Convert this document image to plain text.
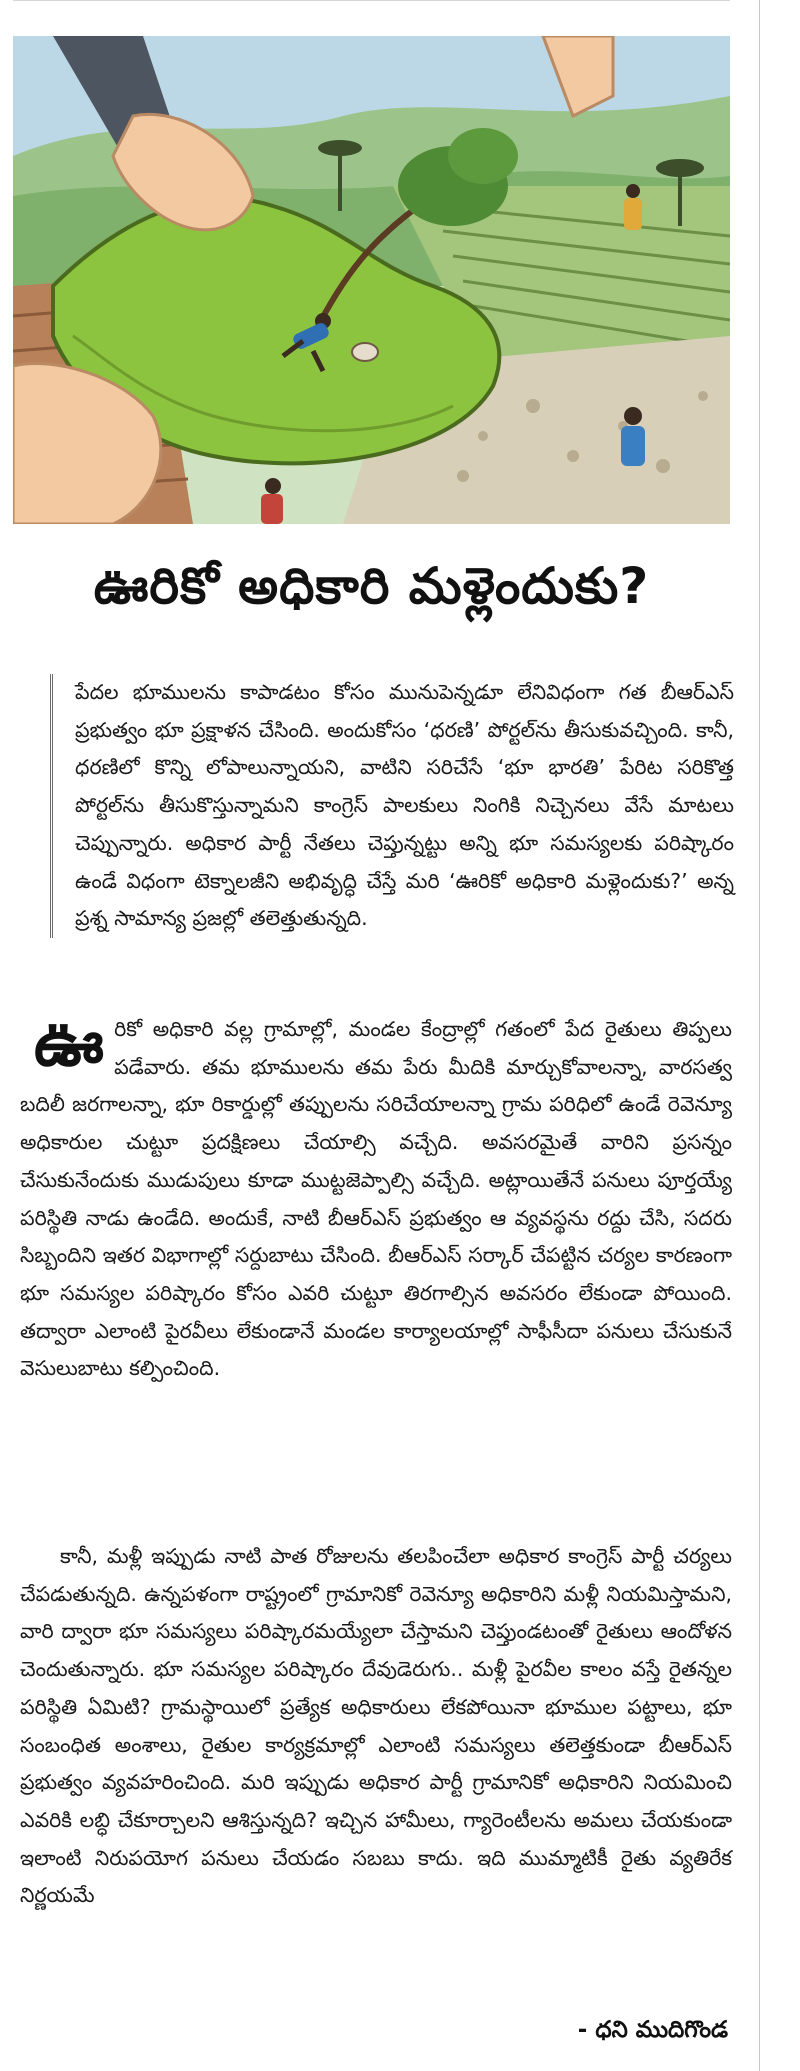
ఊరికో అధికారి మళ్లెందుకు?

పేదల భూములను కాపాడటం కోసం మునుపెన్నడూ లేనివిధంగా గత బీఆర్‌ఎస్‌ ప్రభుత్వం భూ ప్రక్షాళన చేసింది. అందుకోసం ‘ధరణి’ పోర్టల్‌ను తీసుకువచ్చింది. కానీ, ధరణిలో కొన్ని లోపాలున్నాయని, వాటిని సరిచేసే ‘భూ భారతి’ పేరిట సరికొత్త పోర్టల్‌ను తీసుకొస్తున్నామని కాంగ్రెస్‌ పాలకులు నింగికి నిచ్చెనలు వేసే మాటలు చెప్పున్నారు. అధికార పార్టీ నేతలు చెప్తున్నట్టు అన్ని భూ సమస్యలకు పరిష్కారం ఉండే విధంగా టెక్నాలజీని అభివృద్ధి చేస్తే మరి ‘ఊరికో అధికారి మళ్లెందుకు?’ అన్న ప్రశ్న సామాన్య ప్రజల్లో తలెత్తుతున్నది.

ఊ రికో అధికారి వల్ల గ్రామాల్లో, మండల కేంద్రాల్లో గతంలో పేద రైతులు తిప్పలు పడేవారు. తమ భూములను తమ పేరు మీదికి మార్చుకోవాలన్నా, వారసత్వ బదిలీ జరగాలన్నా, భూ రికార్డుల్లో తప్పులను సరిచేయాలన్నా గ్రామ పరిధిలో ఉండే రెవెన్యూ అధికారుల చుట్టూ ప్రదక్షిణలు చేయాల్సి వచ్చేది. అవసరమైతే వారిని ప్రసన్నం చేసుకునేందుకు ముడుపులు కూడా ముట్టజెప్పాల్సి వచ్చేది. అట్లాయితేనే పనులు పూర్తయ్యే పరిస్థితి నాడు ఉండేది. అందుకే, నాటి బీఆర్‌ఎస్‌ ప్రభుత్వం ఆ వ్యవస్థను రద్దు చేసి, సదరు సిబ్బందిని ఇతర విభాగాల్లో సర్దుబాటు చేసింది. బీఆర్‌ఎస్‌ సర్కార్‌ చేపట్టిన చర్యల కారణంగా భూ సమస్యల పరిష్కారం కోసం ఎవరి చుట్టూ తిరగాల్సిన అవసరం లేకుండా పోయింది. తద్వారా ఎలాంటి పైరవీలు లేకుండానే మండల కార్యాలయాల్లో సాఫీసీదా పనులు చేసుకునే వెసులుబాటు కల్పించింది.

కానీ, మళ్లీ ఇప్పుడు నాటి పాత రోజులను తలపించేలా అధికార కాంగ్రెస్‌ పార్టీ చర్యలు చేపడుతున్నది. ఉన్నపళంగా రాష్ట్రంలో గ్రామానికో రెవెన్యూ అధికారిని మళ్లీ నియమిస్తామని, వారి ద్వారా భూ సమస్యలు పరిష్కారమయ్యేలా చేస్తామని చెప్తుండటంతో రైతులు ఆందోళన చెందుతున్నారు. భూ సమస్యల పరిష్కారం దేవుడెరుగు.. మళ్లీ పైరవీల కాలం వస్తే రైతన్నల పరిస్థితి ఏమిటి? గ్రామస్థాయిలో ప్రత్యేక అధికారులు లేకపోయినా భూముల పట్టాలు, భూ సంబంధిత అంశాలు, రైతుల కార్యక్రమాల్లో ఎలాంటి సమస్యలు తలెత్తకుండా బీఆర్‌ఎస్‌ ప్రభుత్వం వ్యవహరించింది. మరి ఇప్పుడు అధికార పార్టీ గ్రామానికో అధికారిని నియమించి ఎవరికి లబ్ధి చేకూర్చాలని ఆశిస్తున్నది? ఇచ్చిన హామీలు, గ్యారెంటీలను అమలు చేయకుండా ఇలాంటి నిరుపయోగ పనులు చేయడం సబబు కాదు. ఇది ముమ్మాటికీ రైతు వ్యతిరేక నిర్ణయమే

- ధని ముదిగొండ
